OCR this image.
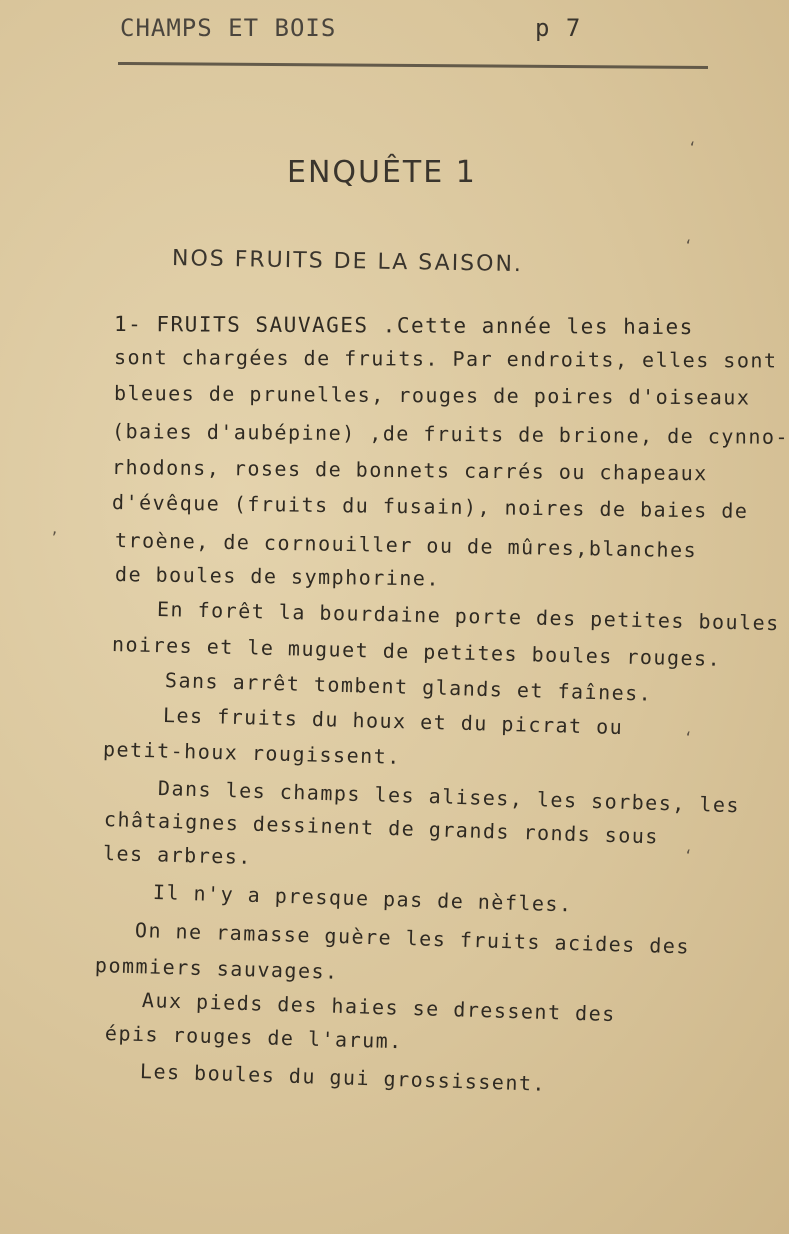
CHAMPS ET BOIS	p 7
ENQUÊTE 1
NOS FRUITS DE LA SAISON.
1- FRUITS SAUVAGES .Cette année les haies
sont chargées de fruits. Par endroits, elles sont
bleues de prunelles, rouges de poires d'oiseaux
(baies d'aubépine) ,de fruits de brione, de cynno-
rhodons, roses de bonnets carrés ou chapeaux
d'évêque (fruits du fusain), noires de baies de
troène, de cornouiller ou de mûres,blanches
de boules de symphorine.
En forêt la bourdaine porte des petites boules
noires et le muguet de petites boules rouges.
Sans arrêt tombent glands et faînes.
Les fruits du houx et du picrat ou
petit-houx rougissent.
Dans les champs les alises, les sorbes, les
châtaignes dessinent de grands ronds sous
les arbres.
Il n'y a presque pas de nèfles.
On ne ramasse guère les fruits acides des
pommiers sauvages.
Aux pieds des haies se dressent des
épis rouges de l'arum.
Les boules du gui grossissent.
ʻ
ʻ
ʻ
ʻ
ʼ
